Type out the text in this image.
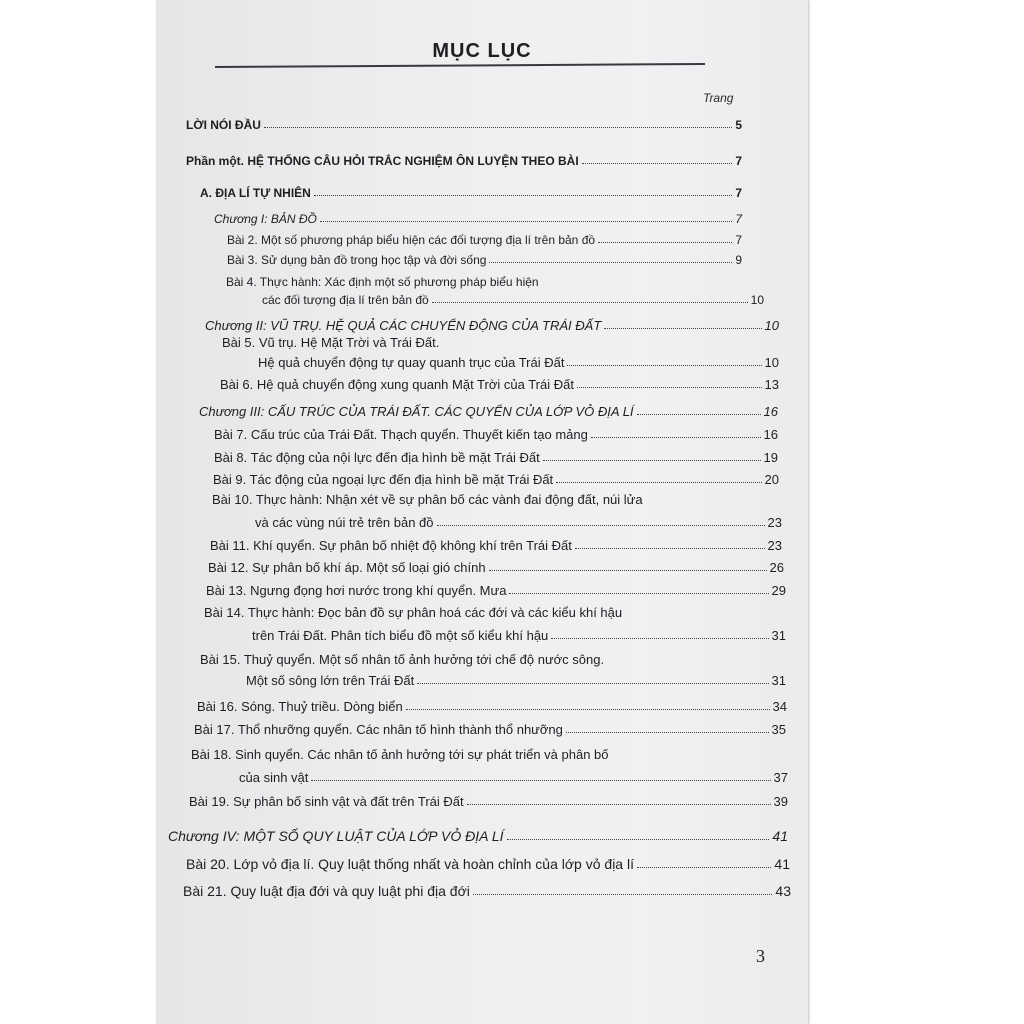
MỤC LỤC
Trang
LỜI NÓI ĐẦU	5
Phần một. HỆ THỐNG CÂU HỎI TRẮC NGHIỆM ÔN LUYỆN THEO BÀI	7
A. ĐỊA LÍ TỰ NHIÊN	7
Chương I: BẢN ĐỒ	7
Bài 2. Một số phương pháp biểu hiện các đối tượng địa lí trên bản đồ	7
Bài 3. Sử dụng bản đồ trong học tập và đời sống	9
Bài 4. Thực hành: Xác định một số phương pháp biểu hiện
các đối tượng địa lí trên bản đồ	10
Chương II: VŨ TRỤ. HỆ QUẢ CÁC CHUYỂN ĐỘNG CỦA TRÁI ĐẤT	10
Bài 5. Vũ trụ. Hệ Mặt Trời và Trái Đất.
Hệ quả chuyển động tự quay quanh trục của Trái Đất	10
Bài 6. Hệ quả chuyển động xung quanh Mặt Trời của Trái Đất	13
Chương III: CẤU TRÚC CỦA TRÁI ĐẤT. CÁC QUYỂN CỦA LỚP VỎ ĐỊA LÍ	16
Bài 7. Cấu trúc của Trái Đất. Thạch quyển. Thuyết kiến tạo mảng	16
Bài 8. Tác động của nội lực đến địa hình bề mặt Trái Đất	19
Bài 9. Tác động của ngoại lực đến địa hình bề mặt Trái Đất	20
Bài 10. Thực hành: Nhận xét về sự phân bố các vành đai động đất, núi lửa
và các vùng núi trẻ trên bản đồ	23
Bài 11. Khí quyển. Sự phân bố nhiệt độ không khí trên Trái Đất	23
Bài 12. Sự phân bố khí áp. Một số loại gió chính	26
Bài 13. Ngưng đọng hơi nước trong khí quyển. Mưa	29
Bài 14. Thực hành: Đọc bản đồ sự phân hoá các đới và các kiểu khí hậu
trên Trái Đất. Phân tích biểu đồ một số kiểu khí hậu	31
Bài 15. Thuỷ quyển. Một số nhân tố ảnh hưởng tới chế độ nước sông.
Một số sông lớn trên Trái Đất	31
Bài 16. Sóng. Thuỷ triều. Dòng biển	34
Bài 17. Thổ nhưỡng quyển. Các nhân tố hình thành thổ nhưỡng	35
Bài 18. Sinh quyển. Các nhân tố ảnh hưởng tới sự phát triển và phân bố
của sinh vật	37
Bài 19. Sự phân bố sinh vật và đất trên Trái Đất	39
Chương IV: MỘT SỐ QUY LUẬT CỦA LỚP VỎ ĐỊA LÍ	41
Bài 20. Lớp vỏ địa lí. Quy luật thống nhất và hoàn chỉnh của lớp vỏ địa lí	41
Bài 21. Quy luật địa đới và quy luật phi địa đới	43
3
